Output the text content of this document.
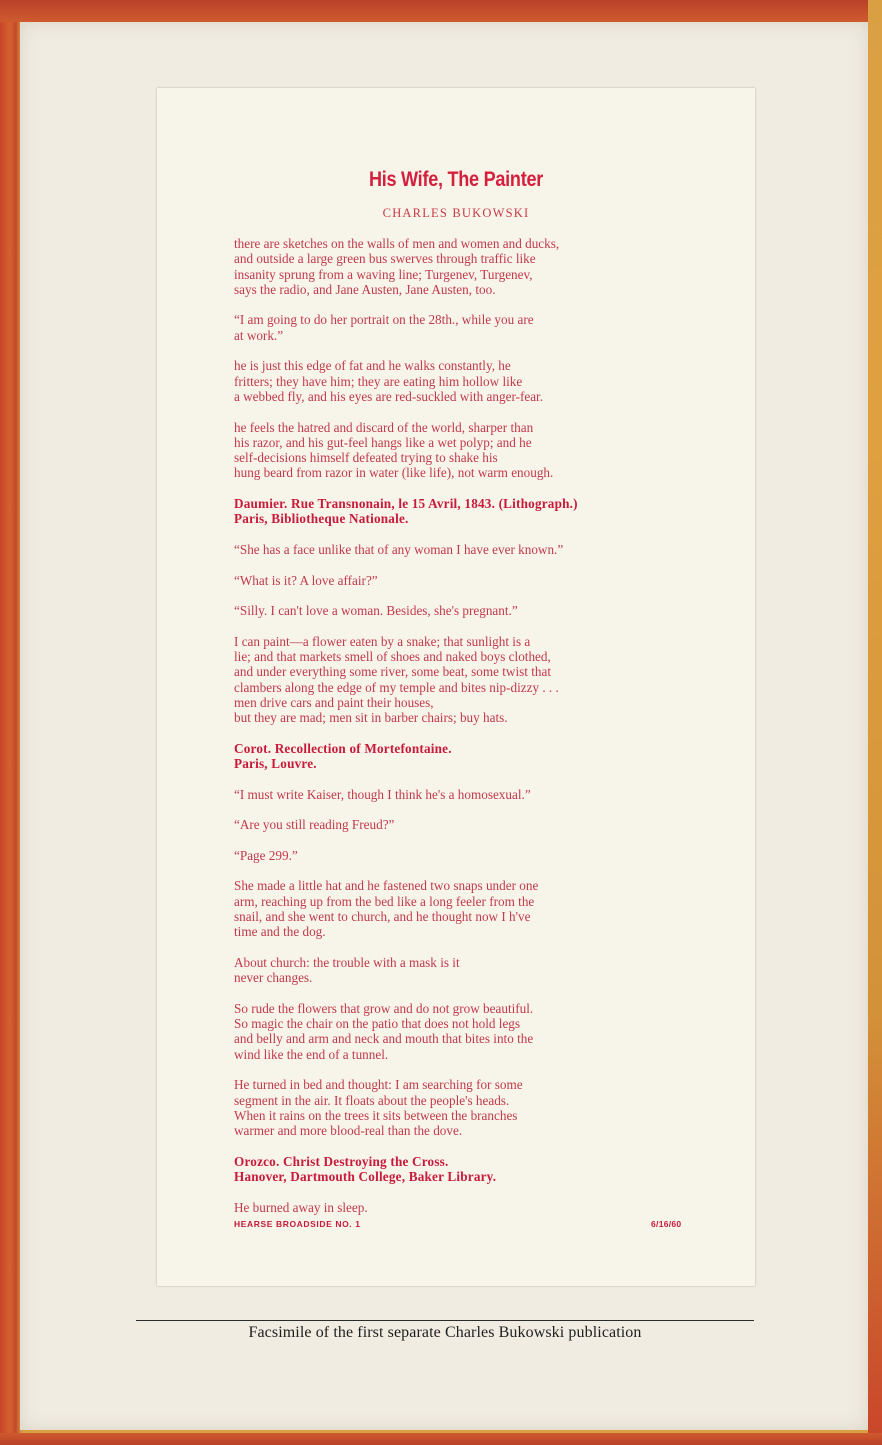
His Wife, The Painter
CHARLES BUKOWSKI
there are sketches on the walls of men and women and ducks,
and outside a large green bus swerves through traffic like
insanity sprung from a waving line; Turgenev, Turgenev,
says the radio, and Jane Austen, Jane Austen, too.
“I am going to do her portrait on the 28th., while you are
at work.”
he is just this edge of fat and he walks constantly, he
fritters; they have him; they are eating him hollow like
a webbed fly, and his eyes are red-suckled with anger-fear.
he feels the hatred and discard of the world, sharper than
his razor, and his gut-feel hangs like a wet polyp; and he
self-decisions himself defeated trying to shake his
hung beard from razor in water (like life), not warm enough.
Daumier. Rue Transnonain, le 15 Avril, 1843. (Lithograph.)
Paris, Bibliotheque Nationale.
“She has a face unlike that of any woman I have ever known.”
“What is it? A love affair?”
“Silly. I can't love a woman. Besides, she's pregnant.”
I can paint—a flower eaten by a snake; that sunlight is a
lie; and that markets smell of shoes and naked boys clothed,
and under everything some river, some beat, some twist that
clambers along the edge of my temple and bites nip-dizzy . . .
men drive cars and paint their houses,
but they are mad; men sit in barber chairs; buy hats.
Corot. Recollection of Mortefontaine.
Paris, Louvre.
“I must write Kaiser, though I think he's a homosexual.”
“Are you still reading Freud?”
“Page 299.”
She made a little hat and he fastened two snaps under one
arm, reaching up from the bed like a long feeler from the
snail, and she went to church, and he thought now I h've
time and the dog.
About church: the trouble with a mask is it
never changes.
So rude the flowers that grow and do not grow beautiful.
So magic the chair on the patio that does not hold legs
and belly and arm and neck and mouth that bites into the
wind like the end of a tunnel.
He turned in bed and thought: I am searching for some
segment in the air. It floats about the people's heads.
When it rains on the trees it sits between the branches
warmer and more blood-real than the dove.
Orozco. Christ Destroying the Cross.
Hanover, Dartmouth College, Baker Library.
He burned away in sleep.
HEARSE BROADSIDE NO. 1	6/16/60
Facsimile of the first separate Charles Bukowski publication
